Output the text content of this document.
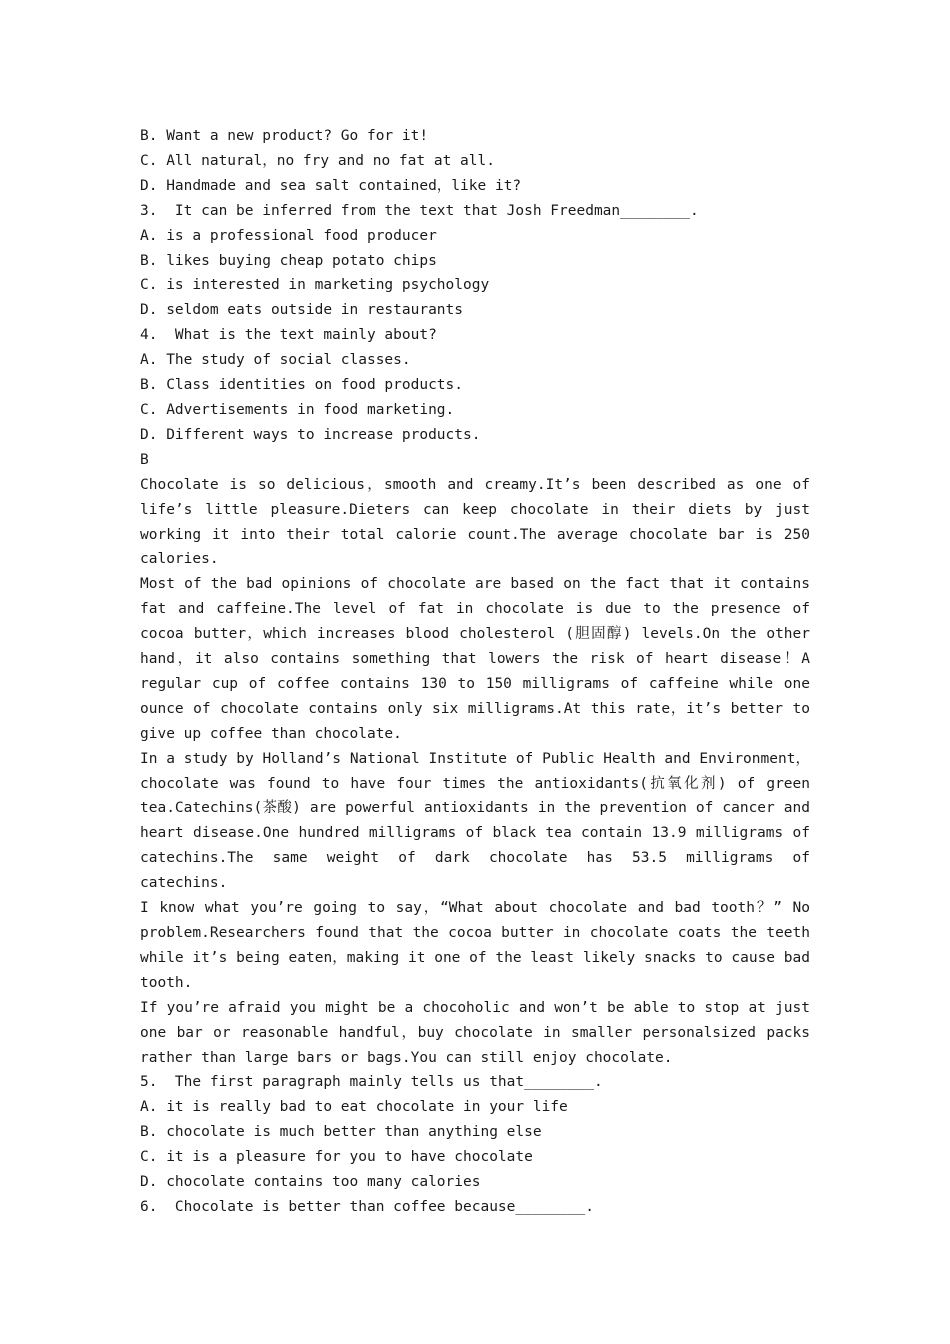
B. Want a new product? Go for it!

C. All natural，no fry and no fat at all.

D. Handmade and sea salt contained，like it?

3.  It can be inferred from the text that Josh Freedman________.

A. is a professional food producer

B. likes buying cheap potato chips

C. is interested in marketing psychology

D. seldom eats outside in restaurants

4.  What is the text mainly about?

A. The study of social classes.

B. Class identities on food products.

C. Advertisements in food marketing.

D. Different ways to increase products.

B

Chocolate is so delicious，smooth and creamy.It’s been described as one of life’s little pleasure.Dieters can keep chocolate in their diets by just working it into their total calorie count.The average chocolate bar is 250 calories.

Most of the bad opinions of chocolate are based on the fact that it contains fat and caffeine.The level of fat in chocolate is due to the presence of cocoa butter，which increases blood cholesterol (胆固醇) levels.On the other hand，it also contains something that lowers the risk of heart disease！A regular cup of coffee contains 130 to 150 milligrams of caffeine while one ounce of chocolate contains only six milligrams.At this rate，it’s better to give up coffee than chocolate.

In a study by Holland’s National Institute of Public Health and Environment，chocolate was found to have four times the antioxidants(抗氧化剂) of green tea.Catechins(茶酸) are powerful antioxidants in the prevention of cancer and heart disease.One hundred milligrams of black tea contain 13.9 milligrams of catechins.The same weight of dark chocolate has 53.5 milligrams of catechins.

I know what you’re going to say，“What about chocolate and bad tooth？” No problem.Researchers found that the cocoa butter in chocolate coats the teeth while it’s being eaten，making it one of the least likely snacks to cause bad tooth.

If you’re afraid you might be a chocoholic and won’t be able to stop at just one bar or reasonable handful，buy chocolate in smaller personalsized packs rather than large bars or bags.You can still enjoy chocolate.

5.  The first paragraph mainly tells us that________.

A. it is really bad to eat chocolate in your life

B. chocolate is much better than anything else

C. it is a pleasure for you to have chocolate

D. chocolate contains too many calories

6.  Chocolate is better than coffee because________.
